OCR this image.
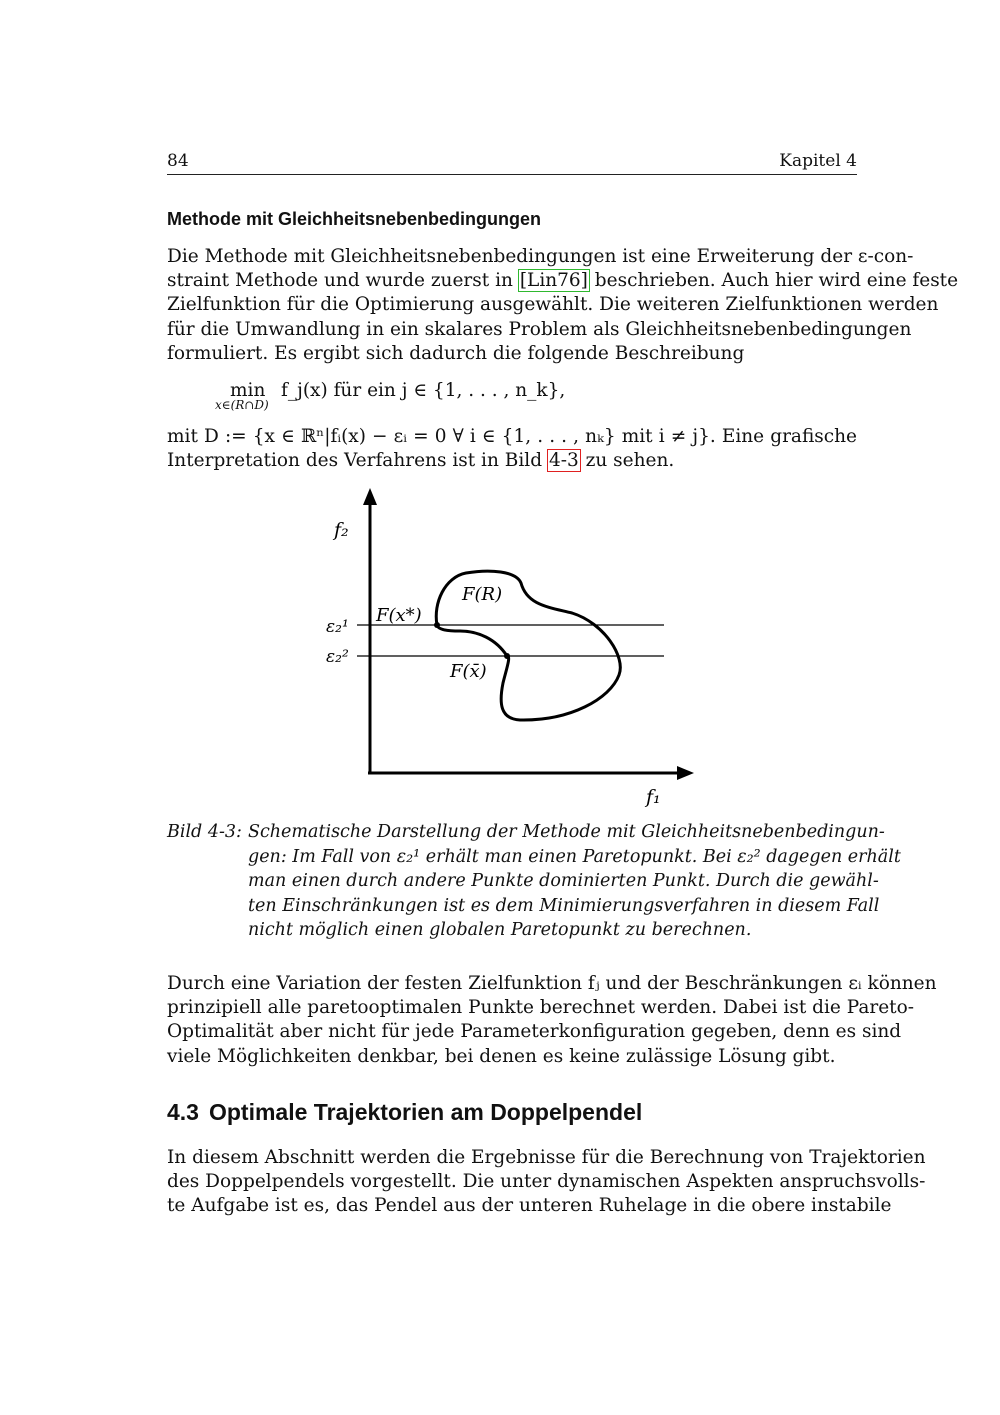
84	Kapitel 4
Methode mit Gleichheitsnebenbedingungen
Die Methode mit Gleichheitsnebenbedingungen ist eine Erweiterung der ε-con-
straint Methode und wurde zuerst in [Lin76] beschrieben. Auch hier wird eine feste
Zielfunktion für die Optimierung ausgewählt. Die weiteren Zielfunktionen werden
für die Umwandlung in ein skalares Problem als Gleichheitsnebenbedingungen
formuliert. Es ergibt sich dadurch die folgende Beschreibung
min
x∈(R∩D)
f_j(x) für ein j ∈ {1, . . . , n_k},
mit D := {x ∈ ℝⁿ|fᵢ(x) − εᵢ = 0 ∀ i ∈ {1, . . . , nₖ} mit i ≠ j}. Eine grafische
Interpretation des Verfahrens ist in Bild 4-3 zu sehen.
f₂
f₁
ε₂¹
ε₂²
F(R)
F(x*)
F(x̄)
Bild 4-3: Schematische Darstellung der Methode mit Gleichheitsnebenbedingun-
gen: Im Fall von ε₂¹ erhält man einen Paretopunkt. Bei ε₂² dagegen erhält
man einen durch andere Punkte dominierten Punkt. Durch die gewähl-
ten Einschränkungen ist es dem Minimierungsverfahren in diesem Fall
nicht möglich einen globalen Paretopunkt zu berechnen.
Durch eine Variation der festen Zielfunktion fⱼ und der Beschränkungen εᵢ können
prinzipiell alle paretooptimalen Punkte berechnet werden. Dabei ist die Pareto-
Optimalität aber nicht für jede Parameterkonfiguration gegeben, denn es sind
viele Möglichkeiten denkbar, bei denen es keine zulässige Lösung gibt.
4.3 Optimale Trajektorien am Doppelpendel
In diesem Abschnitt werden die Ergebnisse für die Berechnung von Trajektorien
des Doppelpendels vorgestellt. Die unter dynamischen Aspekten anspruchsvolls-
te Aufgabe ist es, das Pendel aus der unteren Ruhelage in die obere instabile
